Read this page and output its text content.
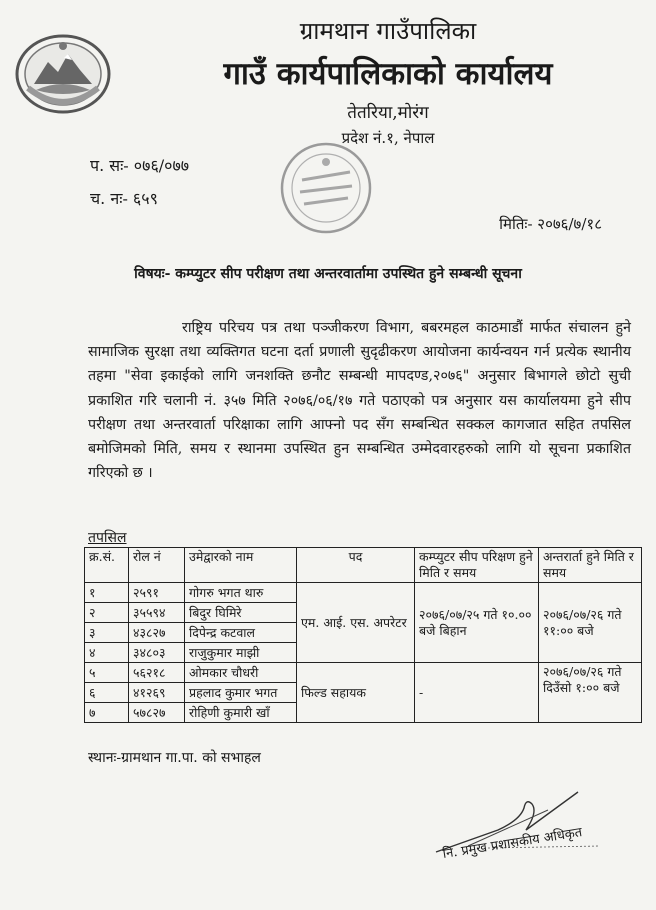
ग्रामथान गाउँपालिका
गाउँ कार्यपालिकाको कार्यालय
तेतरिया,मोरंग
प्रदेश नं.१, नेपाल
प. सः- ०७६/०७७
च. नः- ६५९
मितिः- २०७६/७/१८
विषयः- कम्प्युटर सीप परीक्षण तथा अन्तरवार्तामा उपस्थित हुने सम्बन्धी सूचना

राष्ट्रिय परिचय पत्र तथा पञ्जीकरण विभाग, बबरमहल काठमाडौं मार्फत संचालन हुने सामाजिक सुरक्षा तथा व्यक्तिगत घटना दर्ता प्रणाली सुदृढीकरण आयोजना कार्यन्वयन गर्न प्रत्येक स्थानीय तहमा "सेवा इकाईको लागि जनशक्ति छनौट सम्बन्धी मापदण्ड,२०७६" अनुसार बिभागले छोटो सुची प्रकाशित गरि चलानी नं. ३५७ मिति २०७६/०६/१७ गते पठाएको पत्र अनुसार यस कार्यालयमा हुने सीप परीक्षण तथा अन्तरवार्ता परिक्षाका लागि आफ्नो पद सँग सम्बन्धित सक्कल कागजात सहित तपसिल बमोजिमको मिति, समय र स्थानमा उपस्थित हुन सम्बन्धित उम्मेदवारहरुको लागि यो सूचना प्रकाशित गरिएको छ ।

तपसिल
क्र.सं.	रोल नं	उमेद्वारको नाम	पद	कम्प्युटर सीप परिक्षण हुने मिति र समय	अन्तरार्ता हुने मिति र समय
१	२५९१	गोगरु भगत थारु	एम. आई. एस. अपरेटर	२०७६/०७/२५ गते १०.०० बजे बिहान	२०७६/०७/२६ गते ११:०० बजे
२	३५५९४	बिदुर घिमिरे			
३	४३८२७	दिपेन्द्र कटवाल			
४	३४८०३	राजुकुमार माझी			
५	५६२१८	ओमकार चौधरी	फिल्ड सहायक	-	२०७६/०७/२६ गते दिउँसो १:०० बजे
६	४१२६९	प्रहलाद कुमार भगत			
७	५७८२७	रोहिणी कुमारी खाँ			
स्थानः-ग्रामथान गा.पा. को सभाहल
नि. प्रमुख प्रशासकीय अधिकृत
